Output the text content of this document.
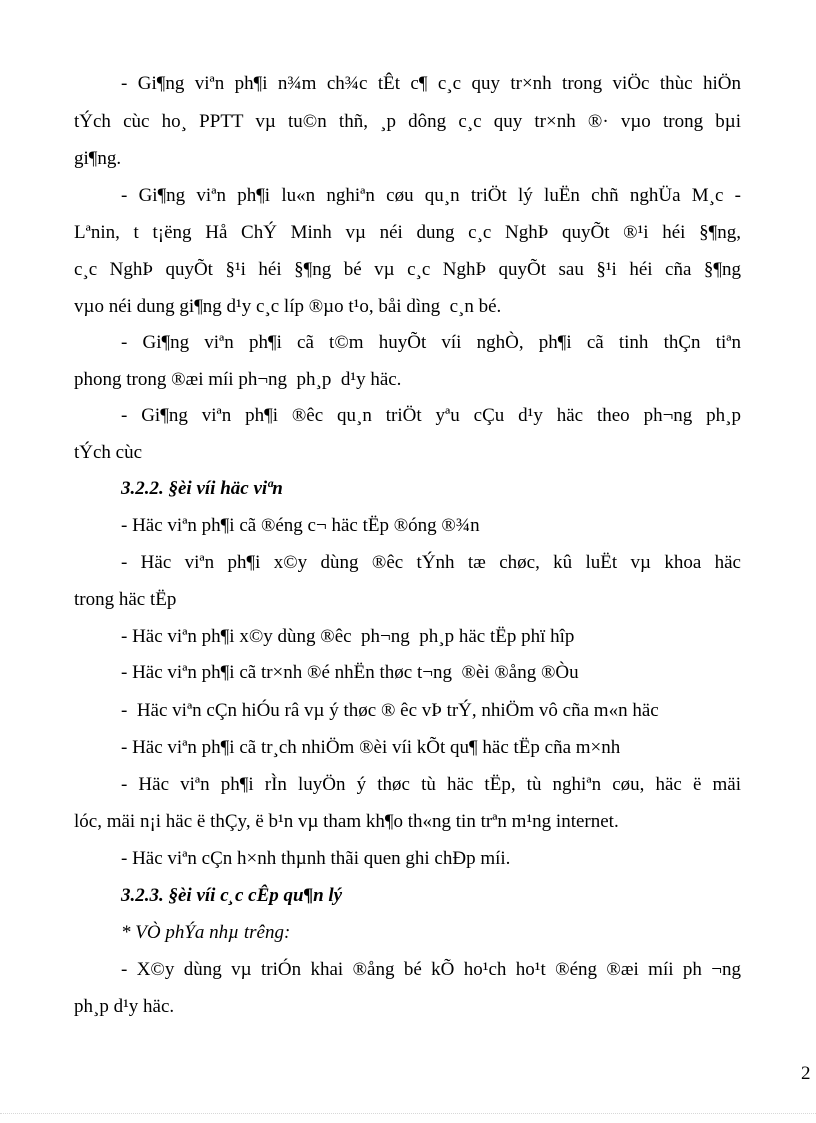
- Gi¶ng viªn ph¶i n¾m ch¾c tÊt c¶ c¸c quy tr×nh trong viÖc thùc hiÖn

tÝch cùc ho¸ PPTT vµ tu©n thñ, ¸p dông c¸c quy tr×nh ®· vµo trong bµi

gi¶ng.

- Gi¶ng viªn ph¶i lu«n nghiªn cøu qu¸n triÖt lý luËn chñ nghÜa M¸c -

Lªnin, t t¡ëng Hå ChÝ Minh vµ néi dung c¸c NghÞ quyÕt ®¹i héi §¶ng,

c¸c NghÞ quyÕt §¹i héi §¶ng bé vµ c¸c NghÞ quyÕt sau §¹i héi cña §¶ng

vµo néi dung gi¶ng d¹y c¸c líp ®µo t¹o, båi dìng  c¸n bé.

- Gi¶ng viªn ph¶i cã t©m huyÕt víi nghÒ, ph¶i cã tinh thÇn tiªn

phong trong ®æi míi ph¬ng  ph¸p  d¹y häc.

- Gi¶ng viªn ph¶i ®êc qu¸n triÖt yªu cÇu d¹y häc theo ph¬ng ph¸p

tÝch cùc

3.2.2. §èi víi häc viªn

- Häc viªn ph¶i cã ®éng c¬ häc tËp ®óng ®¾n

- Häc viªn ph¶i x©y dùng ®êc tÝnh tæ chøc, kû luËt vµ khoa häc

trong häc tËp

- Häc viªn ph¶i x©y dùng ®êc  ph¬ng  ph¸p häc tËp phï hîp

- Häc viªn ph¶i cã tr×nh ®é nhËn thøc t¬ng  ®èi ®ång ®Òu

-  Häc viªn cÇn hiÓu râ vµ ý thøc ® êc vÞ trÝ, nhiÖm vô cña m«n häc

- Häc viªn ph¶i cã tr¸ch nhiÖm ®èi víi kÕt qu¶ häc tËp cña m×nh

- Häc viªn ph¶i rÌn luyÖn ý thøc tù häc tËp, tù nghiªn cøu, häc ë mäi

lóc, mäi n¡i häc ë thÇy, ë b¹n vµ tham kh¶o th«ng tin trªn m¹ng internet.

- Häc viªn cÇn h×nh thµnh thãi quen ghi chÐp míi.

3.2.3. §èi víi c¸c cÊp qu¶n lý

* VÒ phÝa nhµ trêng:

- X©y dùng vµ triÓn khai ®ång bé kÕ ho¹ch ho¹t ®éng ®æi míi ph ¬ng

ph¸p d¹y häc.

2
